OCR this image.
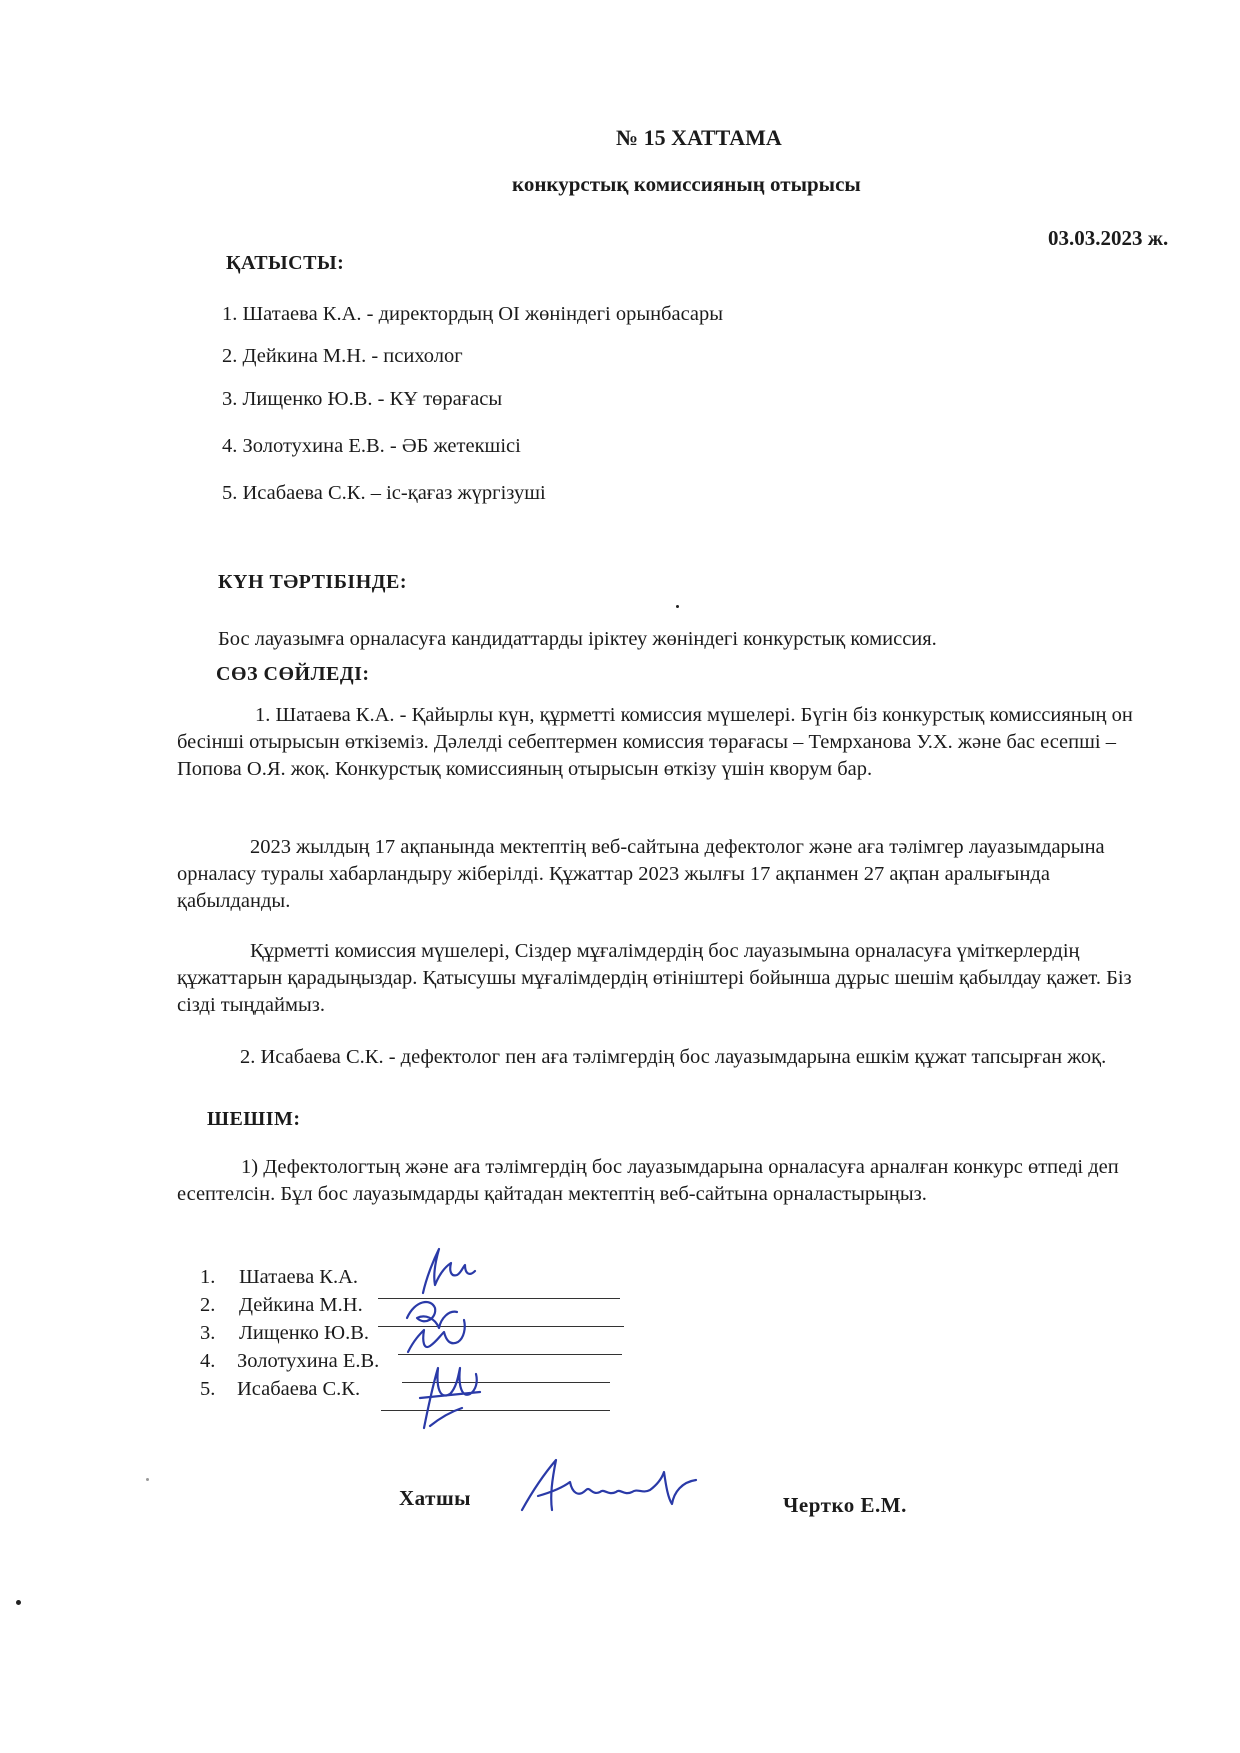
№ 15 ХАТТАМА
конкурстық комиссияның отырысы
03.03.2023 ж.
ҚАТЫСТЫ:
1. Шатаева К.А. - директордың ОІ жөніндегі орынбасары
2. Дейкина М.Н. - психолог
3. Лищенко Ю.В. - КҰ төрағасы
4. Золотухина Е.В. - ӘБ жетекшісі
5. Исабаева С.К. – іс-қағаз жүргізуші
КҮН ТӘРТІБІНДЕ:
Бос лауазымға орналасуға кандидаттарды іріктеу жөніндегі конкурстық комиссия.
СӨЗ СӨЙЛЕДІ:
1. Шатаева К.А. - Қайырлы күн, құрметті комиссия мүшелері. Бүгін біз конкурстық комиссияның он бесінші отырысын өткіземіз. Дәлелді себептермен комиссия төрағасы – Темрханова У.Х. және бас есепші – Попова О.Я. жоқ. Конкурстық комиссияның отырысын өткізу үшін кворум бар.
2023 жылдың 17 ақпанында мектептің веб-сайтына дефектолог және аға тәлімгер лауазымдарына орналасу туралы хабарландыру жіберілді. Құжаттар 2023 жылғы 17 ақпанмен 27 ақпан аралығында қабылданды.
Құрметті комиссия мүшелері, Сіздер мұғалімдердің бос лауазымына орналасуға үміткерлердің құжаттарын қарадыңыздар. Қатысушы мұғалімдердің өтініштері бойынша дұрыс шешім қабылдау қажет. Біз сізді тыңдаймыз.
2. Исабаева С.К. - дефектолог пен аға тәлімгердің бос лауазымдарына ешкім құжат тапсырған жоқ.
ШЕШІМ:
1) Дефектологтың және аға тәлімгердің бос лауазымдарына орналасуға арналған конкурс өтпеді деп есептелсін. Бұл бос лауазымдарды қайтадан мектептің веб-сайтына орналастырыңыз.
1. Шатаева К.А.
2. Дейкина М.Н.
3. Лищенко Ю.В.
4. Золотухина Е.В.
5. Исабаева С.К.
Хатшы	Чертко Е.М.
